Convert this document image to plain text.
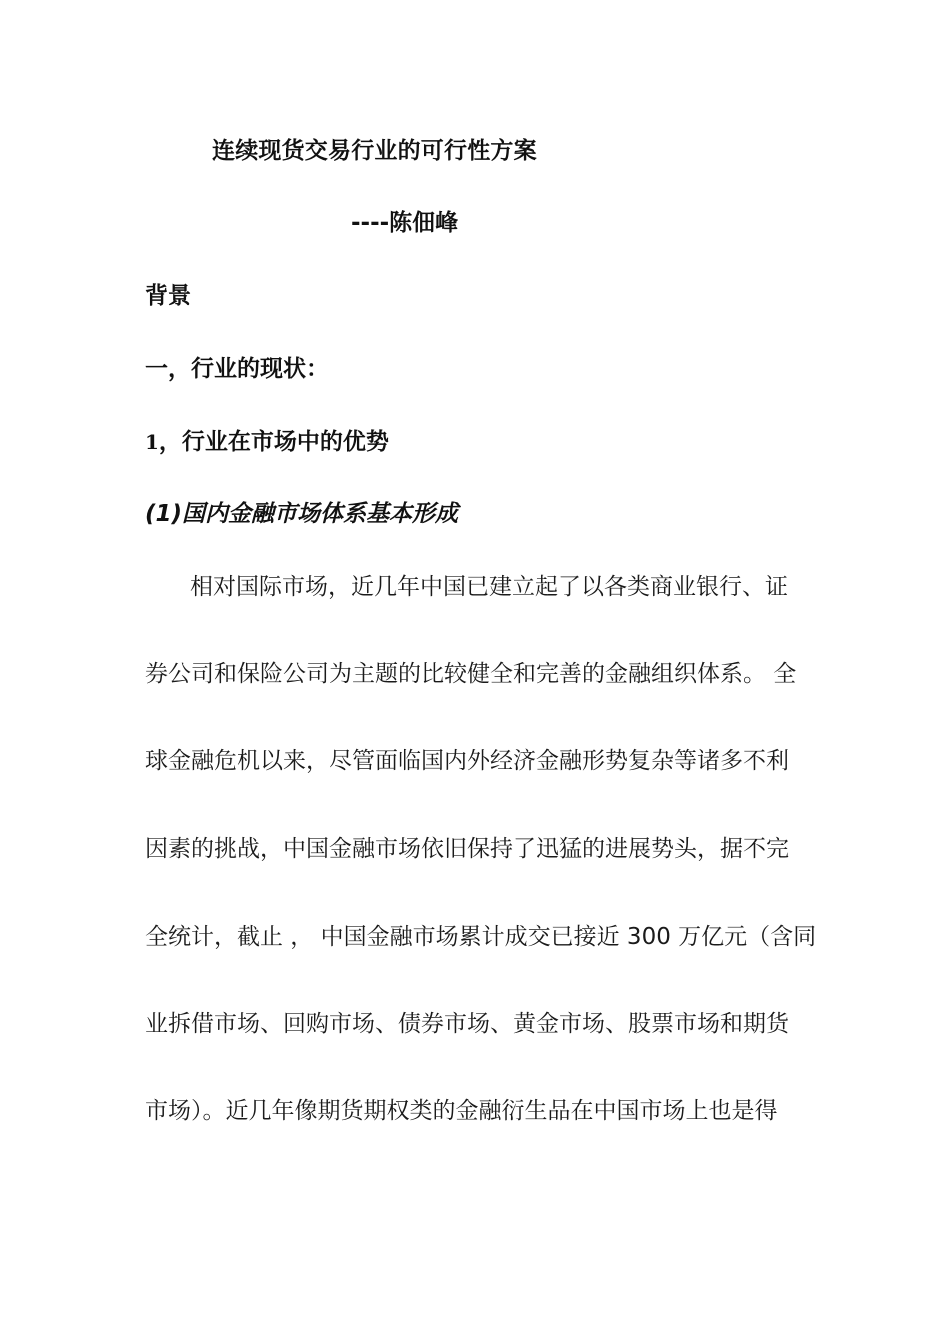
连续现货交易行业的可行性方案
----陈佃峰
背景
一，行业的现状：
1，行业在市场中的优势
(1)国内金融市场体系基本形成
相对国际市场，近几年中国已建立起了以各类商业银行、证
券公司和保险公司为主题的比较健全和完善的金融组织体系。 全
球金融危机以来，尽管面临国内外经济金融形势复杂等诸多不利
因素的挑战，中国金融市场依旧保持了迅猛的进展势头，据不完
全统计，截止 ， 中国金融市场累计成交已接近 300 万亿元（含同
业拆借市场、回购市场、债券市场、黄金市场、股票市场和期货
市场）。近几年像期货期权类的金融衍生品在中国市场上也是得
